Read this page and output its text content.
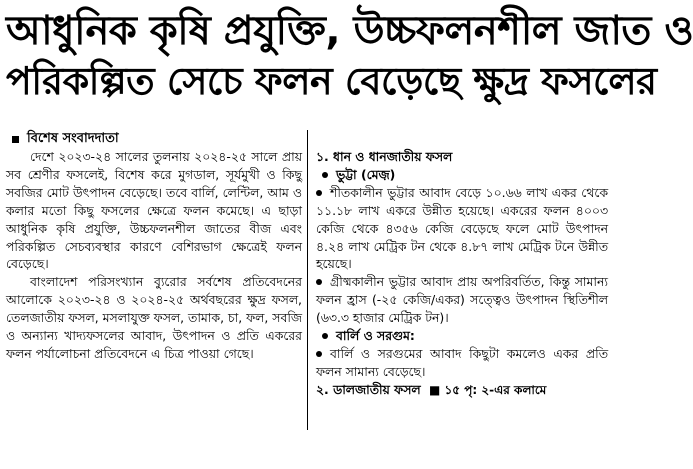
আধুনিক কৃষি প্রযুক্তি, উচ্চফলনশীল জাত ও
পরিকল্পিত সেচে ফলন বেড়েছে ক্ষুদ্র ফসলের
বিশেষ সংবাদদাতা

দেশে ২০২৩-২৪ সালের তুলনায় ২০২৪-২৫ সালে প্রায় সব শ্রেণীর ফসলেই, বিশেষ করে মুগডাল, সূর্যমুখী ও কিছু সবজির মোট উৎপাদন বেড়েছে। তবে বার্লি, লেন্টিল, আম ও কলার মতো কিছু ফসলের ক্ষেত্রে ফলন কমেছে। এ ছাড়া আধুনিক কৃষি প্রযুক্তি, উচ্চফলনশীল জাতের বীজ এবং পরিকল্পিত সেচব্যবস্থার কারণে বেশিরভাগ ক্ষেত্রেই ফলন বেড়েছে।

বাংলাদেশ পরিসংখ্যান ব্যুরোর সর্বশেষ প্রতিবেদনের আলোকে ২০২৩-২৪ ও ২০২৪-২৫ অর্থবছরের ক্ষুদ্র ফসল, তেলজাতীয় ফসল, মসলাযুক্ত ফসল, তামাক, চা, ফল, সবজি ও অন্যান্য খাদ্যফসলের আবাদ, উৎপাদন ও প্রতি একরের ফলন পর্যালোচনা প্রতিবেদনে এ চিত্র পাওয়া গেছে।

১. ধান ও ধানজাতীয় ফসল

ভুট্টা (মেজ়)

শীতকালীন ভুট্টার আবাদ বেড়ে ১০.৬৬ লাখ একর থেকে ১১.১৮ লাখ একরে উন্নীত হয়েছে। একরের ফলন ৪০০৩ কেজি থেকে ৪৩৫৬ কেজি বেড়েছে ফলে মোট উৎপাদন ৪.২৪ লাখ মেট্রিক টন থেকে ৪.৮৭ লাখ মেট্রিক টনে উন্নীত হয়েছে।

গ্রীষ্মকালীন ভুট্টার আবাদ প্রায় অপরিবর্তিত, কিন্তু সামান্য ফলন হ্রাস (-২৫ কেজি/একর) সত্ত্বেও উৎপাদন স্থিতিশীল (৬৩.৩ হাজার মেট্রিক টন)।

বার্লি ও সরগুম:

বার্লি ও সরগুমের আবাদ কিছুটা কমলেও একর প্রতি ফলন সামান্য বেড়েছে।

২. ডালজাতীয় ফসল ■ ১৫ পৃ: ২-এর কলামে
